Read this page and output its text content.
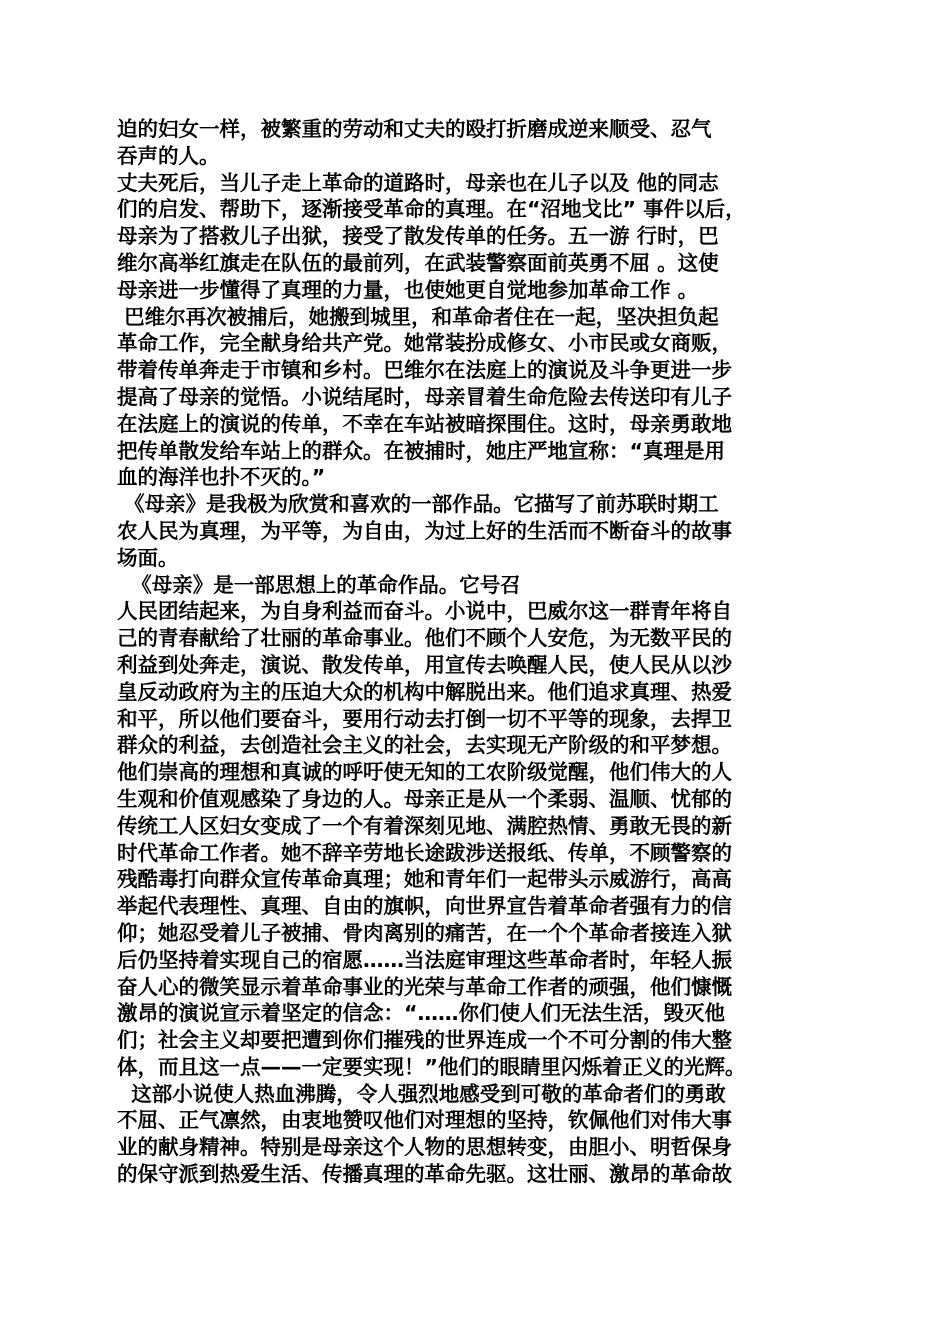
迫的妇女一样，被繁重的劳动和丈夫的殴打折磨成逆来顺受、忍气
吞声的人。
丈夫死后，当儿子走上革命的道路时，母亲也在儿子以及 他的同志
们的启发、帮助下，逐渐接受革命的真理。在“沼地戈比” 事件以后，
母亲为了搭救儿子出狱，接受了散发传单的任务。五一游 行时，巴
维尔高举红旗走在队伍的最前列，在武装警察面前英勇不屈 。这使
母亲进一步懂得了真理的力量，也使她更自觉地参加革命工作 。
巴维尔再次被捕后，她搬到城里，和革命者住在一起，坚决担负起
革命工作，完全献身给共产党。她常装扮成修女、小市民或女商贩，
带着传单奔走于市镇和乡村。巴维尔在法庭上的演说及斗争更进一步
提高了母亲的觉悟。小说结尾时，母亲冒着生命危险去传送印有儿子
在法庭上的演说的传单，不幸在车站被暗探围住。这时，母亲勇敢地
把传单散发给车站上的群众。在被捕时，她庄严地宣称：“真理是用
血的海洋也扑不灭的。”
《母亲》是我极为欣赏和喜欢的一部作品。它描写了前苏联时期工
农人民为真理，为平等，为自由，为过上好的生活而不断奋斗的故事
场面。
《母亲》是一部思想上的革命作品。它号召
人民团结起来，为自身利益而奋斗。小说中，巴威尔这一群青年将自
己的青春献给了壮丽的革命事业。他们不顾个人安危，为无数平民的
利益到处奔走，演说、散发传单，用宣传去唤醒人民，使人民从以沙
皇反动政府为主的压迫大众的机构中解脱出来。他们追求真理、热爱
和平，所以他们要奋斗，要用行动去打倒一切不平等的现象，去捍卫
群众的利益，去创造社会主义的社会，去实现无产阶级的和平梦想。
他们崇高的理想和真诚的呼吁使无知的工农阶级觉醒，他们伟大的人
生观和价值观感染了身边的人。母亲正是从一个柔弱、温顺、忧郁的
传统工人区妇女变成了一个有着深刻见地、满腔热情、勇敢无畏的新
时代革命工作者。她不辞辛劳地长途跋涉送报纸、传单，不顾警察的
残酷毒打向群众宣传革命真理；她和青年们一起带头示威游行，高高
举起代表理性、真理、自由的旗帜，向世界宣告着革命者强有力的信
仰；她忍受着儿子被捕、骨肉离别的痛苦，在一个个革命者接连入狱
后仍坚持着实现自己的宿愿……当法庭审理这些革命者时，年轻人振
奋人心的微笑显示着革命事业的光荣与革命工作者的顽强，他们慷慨
激昂的演说宣示着坚定的信念：“……你们使人们无法生活，毁灭他
们；社会主义却要把遭到你们摧残的世界连成一个不可分割的伟大整
体，而且这一点——一定要实现！”他们的眼睛里闪烁着正义的光辉。
这部小说使人热血沸腾，令人强烈地感受到可敬的革命者们的勇敢
不屈、正气凛然，由衷地赞叹他们对理想的坚持，钦佩他们对伟大事
业的献身精神。特别是母亲这个人物的思想转变，由胆小、明哲保身
的保守派到热爱生活、传播真理的革命先驱。这壮丽、激昂的革命故
